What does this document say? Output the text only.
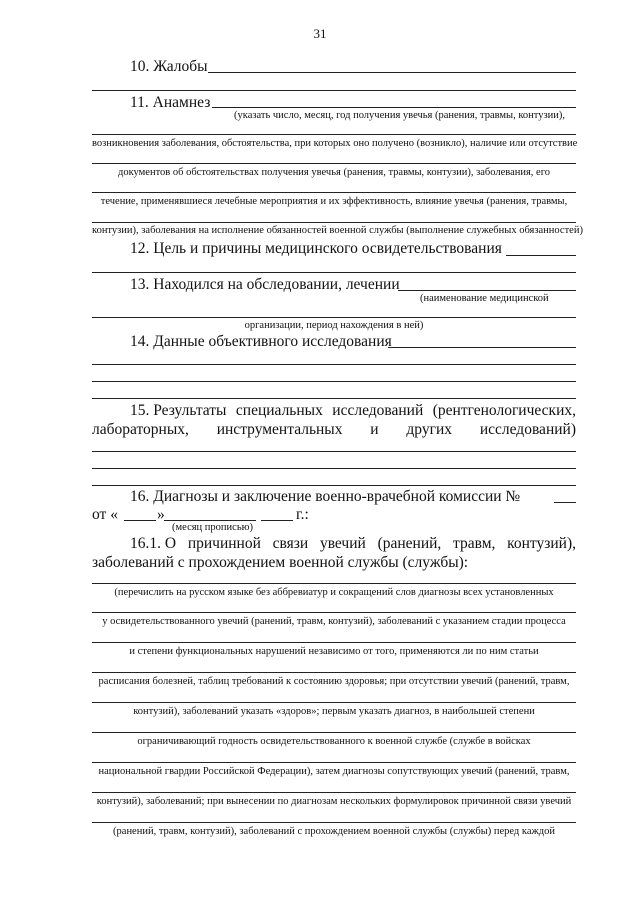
31
10. Жалобы
11. Анамнез
(указать число, месяц, год получения увечья (ранения, травмы, контузии),
возникновения заболевания, обстоятельства, при которых оно получено (возникло), наличие или отсутствие
документов об обстоятельствах получения увечья (ранения, травмы, контузии), заболевания, его
течение, применявшиеся лечебные мероприятия и их эффективность, влияние увечья (ранения, травмы,
контузии), заболевания на исполнение обязанностей военной службы (выполнение служебных обязанностей)
12. Цель и причины медицинского освидетельствования
13. Находился на обследовании, лечении
(наименование медицинской
организации, период нахождения в ней)
14. Данные объективного исследования
15. Результаты специальных исследований (рентгенологических,
лабораторных, инструментальных и других исследований)
16. Диагнозы и заключение военно-врачебной комиссии №
от «	»	г.:
(месяц прописью)
16.1. О причинной связи увечий (ранений, травм, контузий),
заболеваний с прохождением военной службы (службы):
(перечислить на русском языке без аббревиатур и сокращений слов диагнозы всех установленных
у освидетельствованного увечий (ранений, травм, контузий), заболеваний с указанием стадии процесса
и степени функциональных нарушений независимо от того, применяются ли по ним статьи
расписания болезней, таблиц требований к состоянию здоровья; при отсутствии увечий (ранений, травм,
контузий), заболеваний указать «здоров»; первым указать диагноз, в наибольшей степени
ограничивающий годность освидетельствованного к военной службе (службе в войсках
национальной гвардии Российской Федерации), затем диагнозы сопутствующих увечий (ранений, травм,
контузий), заболеваний; при вынесении по диагнозам нескольких формулировок причинной связи увечий
(ранений, травм, контузий), заболеваний с прохождением военной службы (службы) перед каждой
